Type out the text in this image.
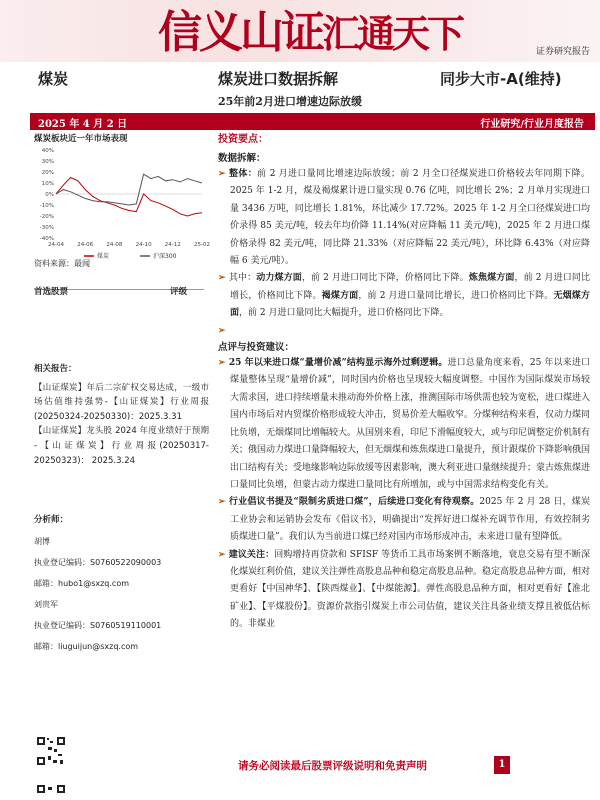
信义山证汇通天下	证券研究报告
煤炭	煤炭进口数据拆解	同步大市-A(维持)
25年前2月进口增速边际放缓
2025 年 4 月 2 日	行业研究/行业月度报告
煤炭板块近一年市场表现
40%
30%
20%
10%
0%
-10%
-20%
-30%
-40%
24-04 24-06 24-08 24-10 24-12 25-02
煤炭	沪深300
资料来源：最闻
首选股票	评级
相关报告：

【山证煤炭】年后二宗矿权交易达成，一级市场估值维持强势-【山证煤炭】行业周报(20250324-20250330)：2025.3.31

【山证煤炭】龙头股 2024 年度业绩好于预期 -【山证煤炭】行业周报(20250317-20250323)： 2025.3.24

分析师：
胡博
执业登记编码：S0760522090003
邮箱：hubo1@sxzq.com
刘贵军
执业登记编码：S0760519110001
邮箱：liuguijun@sxzq.com
投资要点：
数据拆解：

➢ 整体：前 2 月进口量同比增速边际放缓；前 2 月全口径煤炭进口价格较去年同期下降。2025 年 1-2 月，煤及褐煤累计进口量实现 0.76 亿吨，同比增长 2%；2 月单月实现进口量 3436 万吨，同比增长 1.81%，环比减少 17.72%。2025 年 1-2 月全口径煤炭进口均价录得 85 美元/吨，较去年均价降 11.14%(对应降幅 11 美元/吨)，2025 年 2 月进口煤价格录得 82 美元/吨，同比降 21.33%（对应降幅 22 美元/吨），环比降 6.43%（对应降幅 6 美元/吨）。

➢ 其中：动力煤方面，前 2 月进口同比下降，价格同比下降。炼焦煤方面，前 2 月进口同比增长，价格同比下降。褐煤方面，前 2 月进口量同比增长，进口价格同比下降。无烟煤方面，前 2 月进口量同比大幅提升，进口价格同比下降。

➢
点评与投资建议：

➢ 25 年以来进口煤“量增价减”结构显示海外过剩逻辑。进口总量角度来看，25 年以来进口煤量整体呈现“量增价减”，同时国内价格也呈现较大幅度调整。中国作为国际煤炭市场较大需求国，进口持续增量未推动海外价格上涨，推测国际市场供需也较为宽松，进口煤进入国内市场后对内贸煤价格形成较大冲击，贸易价差大幅收窄。分煤种结构来看，仅动力煤同比负增，无烟煤同比增幅较大。从国别来看，印尼下滑幅度较大，或与印尼调整定价机制有关；俄国动力煤进口量降幅较大，但无烟煤和炼焦煤进口量提升，预计跟煤价下降影响俄国出口结构有关；受地缘影响边际放缓等因素影响，澳大利亚进口量继续提升；蒙古炼焦煤进口量同比负增，但蒙古动力煤进口量同比有所增加，或与中国需求结构变化有关。

➢ 行业倡议书提及“限制劣质进口煤”，后续进口变化有待观察。2025 年 2 月 28 日，煤炭工业协会和运销协会发布《倡议书》，明确提出“发挥好进口煤补充调节作用，有效控制劣质煤进口量”。我们认为当前进口煤已经对国内市场形成冲击，未来进口量有望降低。

➢ 建议关注：回购增持再贷款和 SFISF 等货币工具市场案例不断落地，衰息交易有望不断深化煤炭红利价值，建议关注弹性高股息品种和稳定高股息品种。稳定高股息品种方面，相对更看好【中国神华】、【陕西煤业】、【中煤能源】。弹性高股息品种方面，相对更看好【淮北矿业】、【平煤股份】。资源价款指引煤炭上市公司估值，建议关注具备业绩支撑且被低估标的。非煤业

请务必阅读最后股票评级说明和免责声明	1
